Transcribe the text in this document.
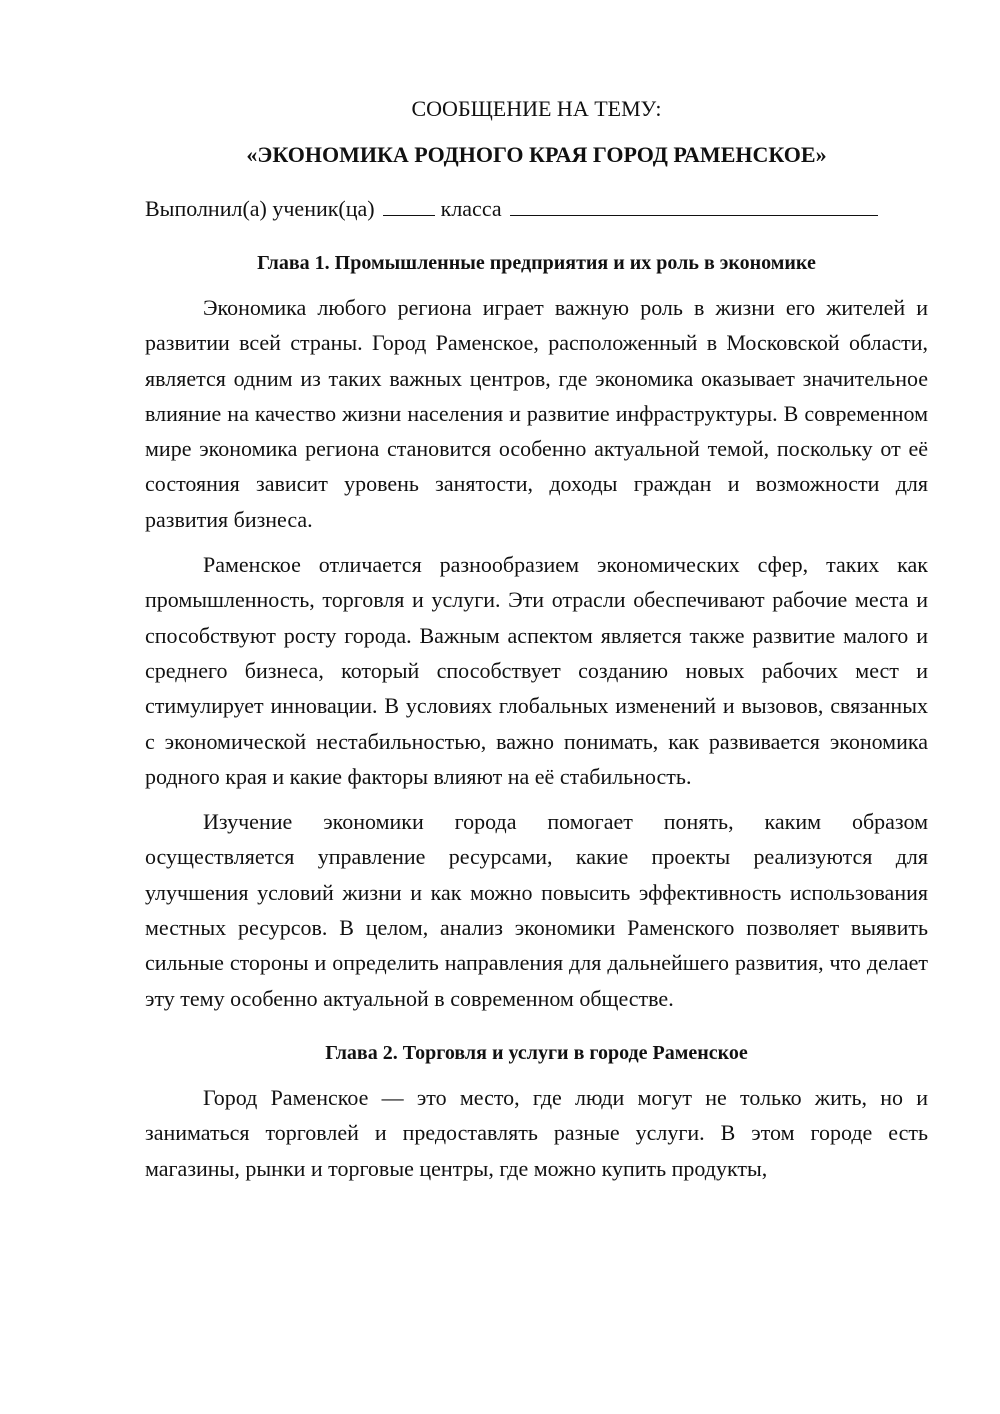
СООБЩЕНИЕ НА ТЕМУ:

«ЭКОНОМИКА РОДНОГО КРАЯ ГОРОД РАМЕНСКОЕ»

Выполнил(а) ученик(ца)	класса

Глава 1. Промышленные предприятия и их роль в экономике

Экономика любого региона играет важную роль в жизни его жителей и развитии всей страны. Город Раменское, расположенный в Московской области, является одним из таких важных центров, где экономика оказывает значительное влияние на качество жизни населения и развитие инфраструктуры. В современном мире экономика региона становится особенно актуальной темой, поскольку от её состояния зависит уровень занятости, доходы граждан и возможности для развития бизнеса.

Раменское отличается разнообразием экономических сфер, таких как промышленность, торговля и услуги. Эти отрасли обеспечивают рабочие места и способствуют росту города. Важным аспектом является также развитие малого и среднего бизнеса, который способствует созданию новых рабочих мест и стимулирует инновации. В условиях глобальных изменений и вызовов, связанных с экономической нестабильностью, важно понимать, как развивается экономика родного края и какие факторы влияют на её стабильность.

Изучение экономики города помогает понять, каким образом осуществляется управление ресурсами, какие проекты реализуются для улучшения условий жизни и как можно повысить эффективность использования местных ресурсов. В целом, анализ экономики Раменского позволяет выявить сильные стороны и определить направления для дальнейшего развития, что делает эту тему особенно актуальной в современном обществе.

Глава 2. Торговля и услуги в городе Раменское

Город Раменское — это место, где люди могут не только жить, но и заниматься торговлей и предоставлять разные услуги. В этом городе есть магазины, рынки и торговые центры, где можно купить продукты,
